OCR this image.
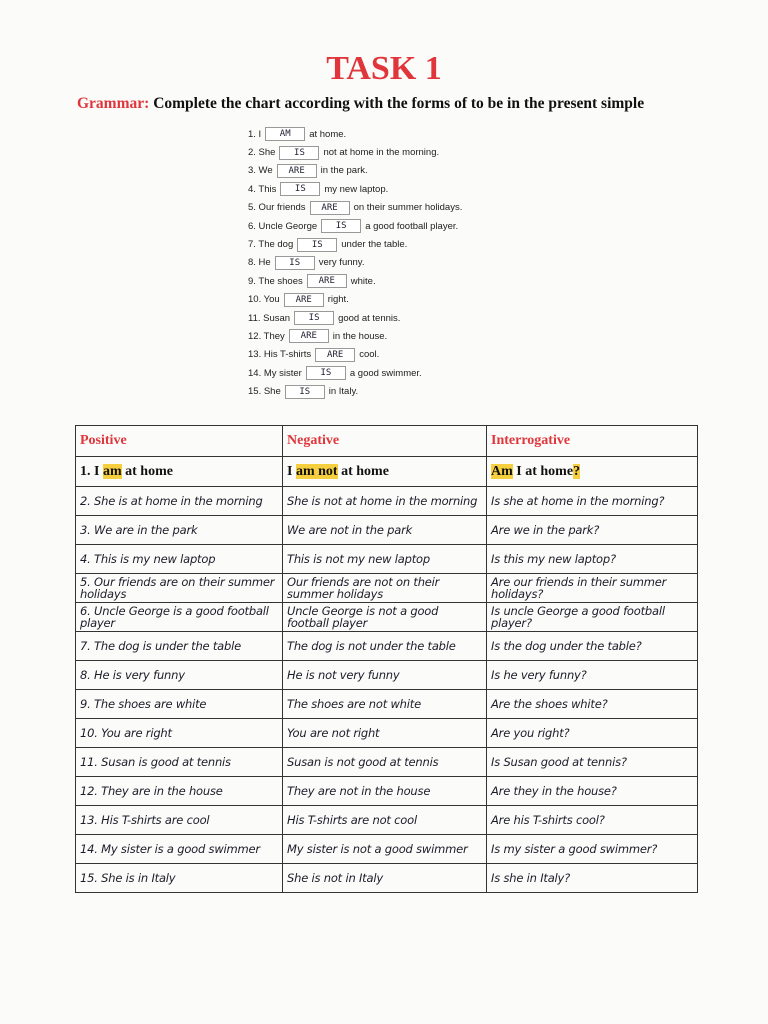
TASK 1
Grammar: Complete the chart according with the forms of to be in the present simple
1. I	AM	at home.
2. She	IS	not at home in the morning.
3. We	ARE	in the park.
4. This	IS	my new laptop.
5. Our friends	ARE	on their summer holidays.
6. Uncle George	IS	a good football player.
7. The dog	IS	under the table.
8. He	IS	very funny.
9. The shoes	ARE	white.
10. You	ARE	right.
11. Susan	IS	good at tennis.
12. They	ARE	in the house.
13. His T-shirts	ARE	cool.
14. My sister	IS	a good swimmer.
15. She	IS	in Italy.
Positive	Negative	Interrogative
1. I am at home	I am not at home	Am I at home?
2. She is at home in the morning	She is not at home in the morning	Is she at home in the morning?
3. We are in the park	We are not in the park	Are we in the park?
4. This is my new laptop	This is not my new laptop	Is this my new laptop?
5. Our friends are on their summer holidays	Our friends are not on their summer holidays	Are our friends in their summer holidays?
6. Uncle George is a good football player	Uncle George is not a good football player	Is uncle George a good football player?
7. The dog is under the table	The dog is not under the table	Is the dog under the table?
8. He is very funny	He is not very funny	Is he very funny?
9. The shoes are white	The shoes are not white	Are the shoes white?
10. You are right	You are not right	Are you right?
11. Susan is good at tennis	Susan is not good at tennis	Is Susan good at tennis?
12. They are in the house	They are not in the house	Are they in the house?
13. His T-shirts are cool	His T-shirts are not cool	Are his T-shirts cool?
14. My sister is a good swimmer	My sister is not a good swimmer	Is my sister a good swimmer?
15. She is in Italy	She is not in Italy	Is she in Italy?
